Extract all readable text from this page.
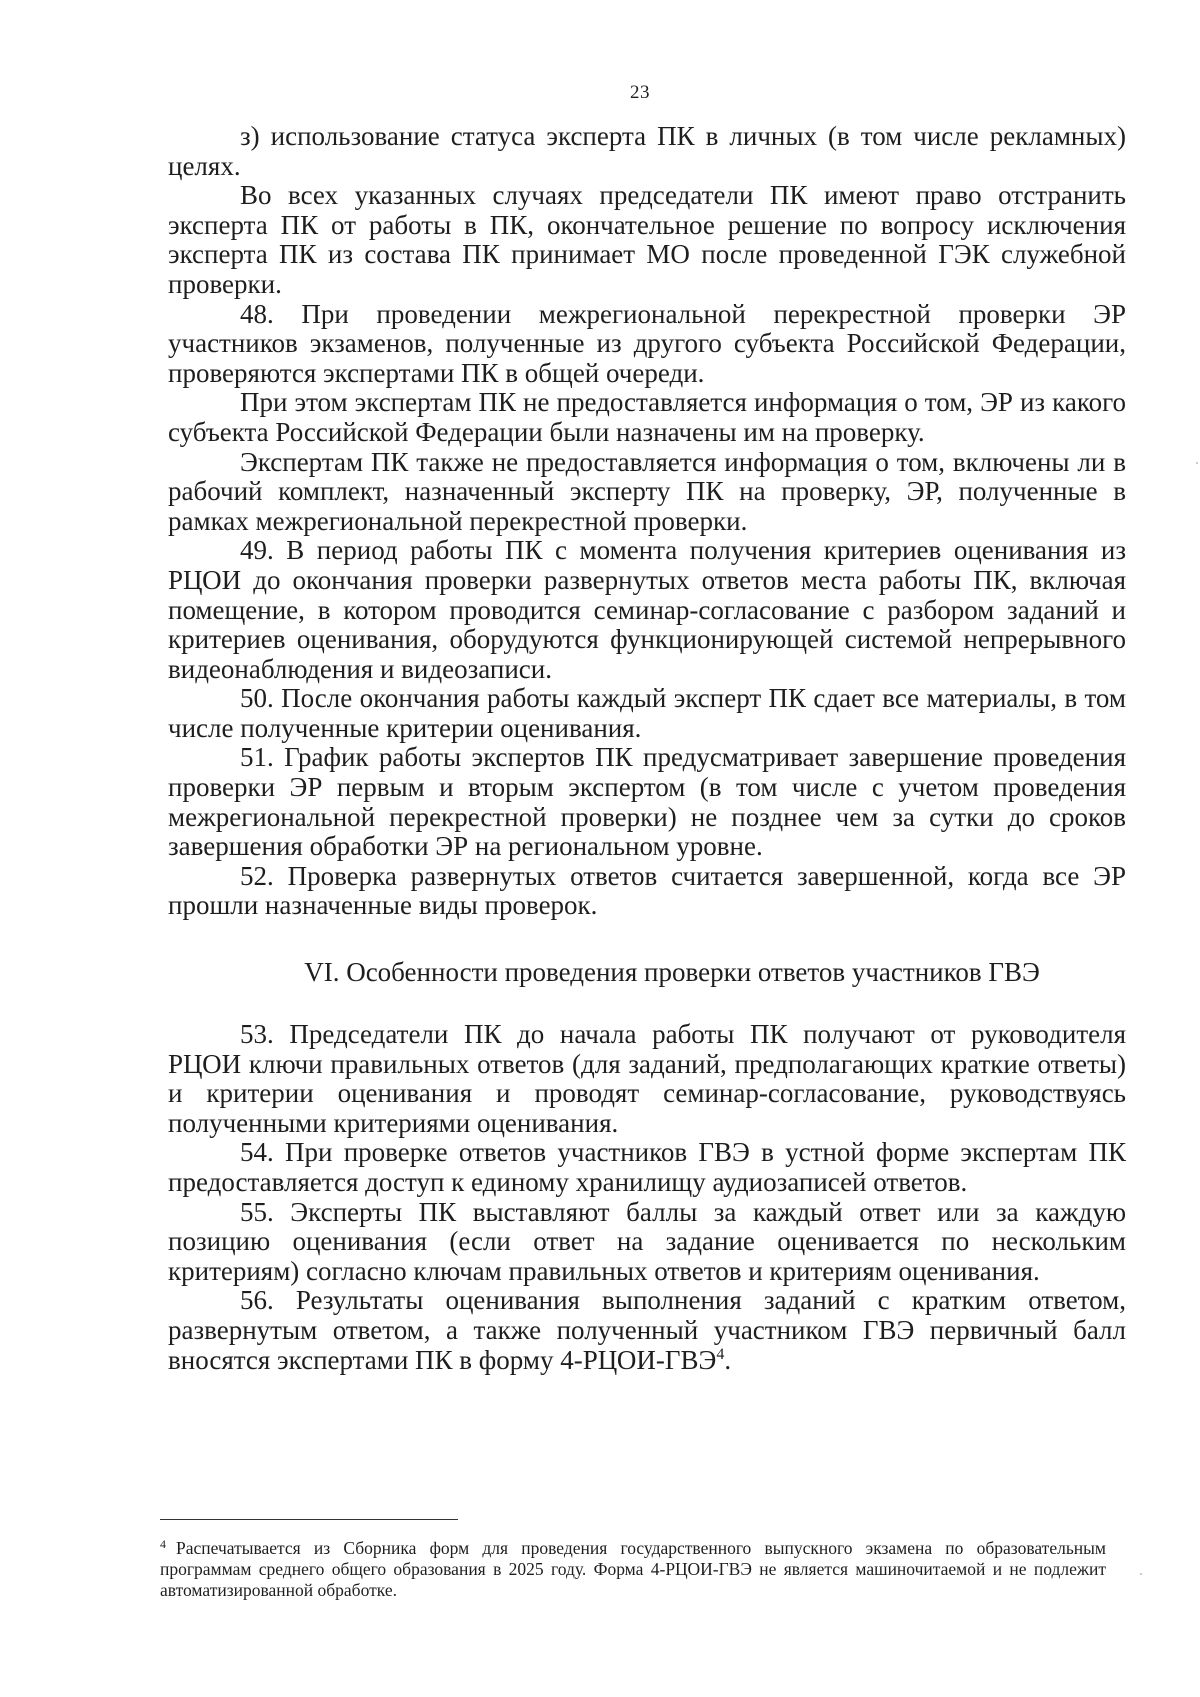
23

з) использование статуса эксперта ПК в личных (в том числе рекламных) целях.

Во всех указанных случаях председатели ПК имеют право отстранить эксперта ПК от работы в ПК, окончательное решение по вопросу исключения эксперта ПК из состава ПК принимает МО после проведенной ГЭК служебной проверки.

48. При проведении межрегиональной перекрестной проверки ЭР участников экзаменов, полученные из другого субъекта Российской Федерации, проверяются экспертами ПК в общей очереди.

При этом экспертам ПК не предоставляется информация о том, ЭР из какого субъекта Российской Федерации были назначены им на проверку.

Экспертам ПК также не предоставляется информация о том, включены ли в рабочий комплект, назначенный эксперту ПК на проверку, ЭР, полученные в рамках межрегиональной перекрестной проверки.

49. В период работы ПК с момента получения критериев оценивания из РЦОИ до окончания проверки развернутых ответов места работы ПК, включая помещение, в котором проводится семинар-согласование с разбором заданий и критериев оценивания, оборудуются функционирующей системой непрерывного видеонаблюдения и видеозаписи.

50. После окончания работы каждый эксперт ПК сдает все материалы, в том числе полученные критерии оценивания.

51. График работы экспертов ПК предусматривает завершение проведения проверки ЭР первым и вторым экспертом (в том числе с учетом проведения межрегиональной перекрестной проверки) не позднее чем за сутки до сроков завершения обработки ЭР на региональном уровне.

52. Проверка развернутых ответов считается завершенной, когда все ЭР прошли назначенные виды проверок.

VI. Особенности проведения проверки ответов участников ГВЭ

53. Председатели ПК до начала работы ПК получают от руководителя РЦОИ ключи правильных ответов (для заданий, предполагающих краткие ответы) и критерии оценивания и проводят семинар-согласование, руководствуясь полученными критериями оценивания.

54. При проверке ответов участников ГВЭ в устной форме экспертам ПК предоставляется доступ к единому хранилищу аудиозаписей ответов.

55. Эксперты ПК выставляют баллы за каждый ответ или за каждую позицию оценивания (если ответ на задание оценивается по нескольким критериям) согласно ключам правильных ответов и критериям оценивания.

56. Результаты оценивания выполнения заданий с кратким ответом, развернутым ответом, а также полученный участником ГВЭ первичный балл вносятся экспертами ПК в форму 4-РЦОИ-ГВЭ$^4$.

$^4$ Распечатывается из Сборника форм для проведения государственного выпускного экзамена по образовательным программам среднего общего образования в 2025 году. Форма 4-РЦОИ-ГВЭ не является машиночитаемой и не подлежит автоматизированной обработке.
